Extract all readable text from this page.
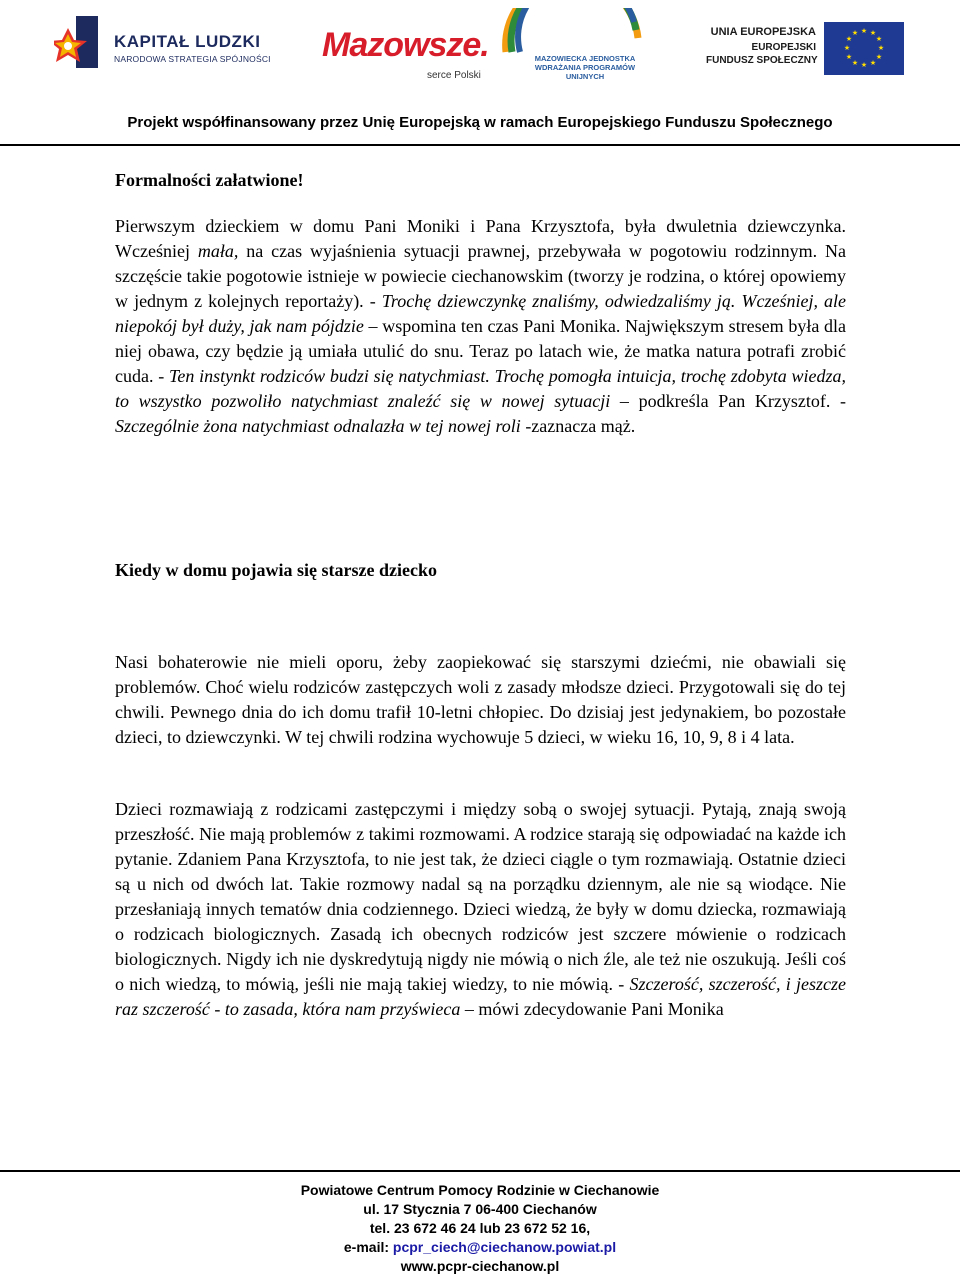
KAPITAŁ LUDZKI
NARODOWA STRATEGIA SPÓJNOŚCI Mazowsze.
serce Polski
MAZOWIECKA JEDNOSTKA WDRAŻANIA PROGRAMÓW UNIJNYCH
UNIA EUROPEJSKA
EUROPEJSKI
FUNDUSZ SPOŁECZNY
★ ★
★
★
★
★
★
★
★
★
★
★
Projekt współfinansowany przez Unię Europejską w ramach Europejskiego Funduszu Społecznego
Formalności załatwione!

Pierwszym dzieckiem w domu Pani Moniki i Pana Krzysztofa, była dwuletnia dziewczynka. Wcześniej mała, na czas wyjaśnienia sytuacji prawnej, przebywała w pogotowiu rodzinnym. Na szczęście takie pogotowie istnieje w powiecie ciechanowskim (tworzy je rodzina, o której opowiemy w jednym z kolejnych reportaży). - Trochę dziewczynkę znaliśmy, odwiedzaliśmy ją. Wcześniej, ale niepokój był duży, jak nam pójdzie – wspomina ten czas Pani Monika. Największym stresem była dla niej obawa, czy będzie ją umiała utulić do snu. Teraz po latach wie, że matka natura potrafi zrobić cuda. - Ten instynkt rodziców budzi się natychmiast. Trochę pomogła intuicja, trochę zdobyta wiedza, to wszystko pozwoliło natychmiast znaleźć się w nowej sytuacji – podkreśla Pan Krzysztof. - Szczególnie żona natychmiast odnalazła w tej nowej roli -zaznacza mąż.

Kiedy w domu pojawia się starsze dziecko

Nasi bohaterowie nie mieli oporu, żeby zaopiekować się starszymi dziećmi, nie obawiali się problemów. Choć wielu rodziców zastępczych woli z zasady młodsze dzieci. Przygotowali się do tej chwili. Pewnego dnia do ich domu trafił 10-letni chłopiec. Do dzisiaj jest jedynakiem, bo pozostałe dzieci, to dziewczynki. W tej chwili rodzina wychowuje 5 dzieci, w wieku 16, 10, 9, 8 i 4 lata.

Dzieci rozmawiają z rodzicami zastępczymi i między sobą o swojej sytuacji. Pytają, znają swoją przeszłość. Nie mają problemów z takimi rozmowami. A rodzice starają się odpowiadać na każde ich pytanie. Zdaniem Pana Krzysztofa, to nie jest tak, że dzieci ciągle o tym rozmawiają. Ostatnie dzieci są u nich od dwóch lat. Takie rozmowy nadal są na porządku dziennym, ale nie są wiodące. Nie przesłaniają innych tematów dnia codziennego. Dzieci wiedzą, że były w domu dziecka, rozmawiają o rodzicach biologicznych. Zasadą ich obecnych rodziców jest szczere mówienie o rodzicach biologicznych. Nigdy ich nie dyskredytują nigdy nie mówią o nich źle, ale też nie oszukują. Jeśli coś o nich wiedzą, to mówią, jeśli nie mają takiej wiedzy, to nie mówią. - Szczerość, szczerość, i jeszcze raz szczerość - to zasada, która nam przyświeca – mówi zdecydowanie Pani Monika

Powiatowe Centrum Pomocy Rodzinie w Ciechanowie
ul. 17 Stycznia 7 06-400 Ciechanów
tel. 23 672 46 24 lub 23 672 52 16,
e-mail: pcpr_ciech@ciechanow.powiat.pl
www.pcpr-ciechanow.pl
